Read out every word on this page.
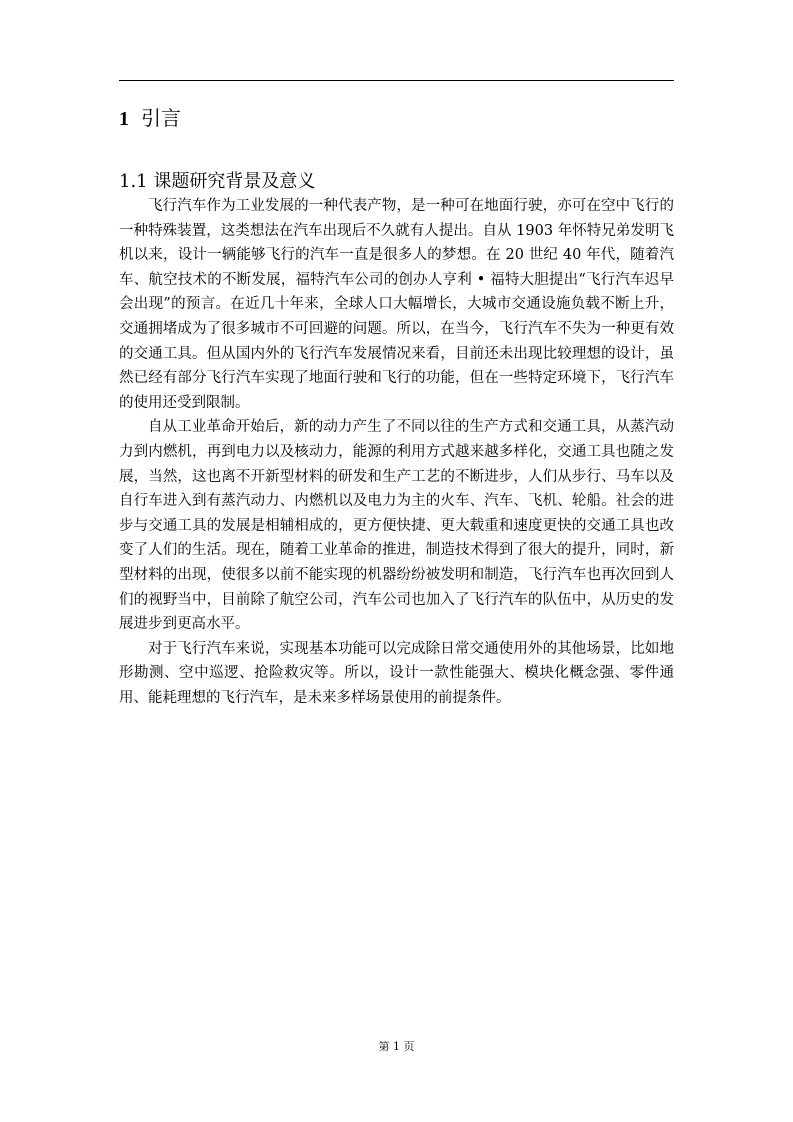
1 引言
1.1 课题研究背景及意义

飞行汽车作为工业发展的一种代表产物，是一种可在地面行驶，亦可在空中飞行的一种特殊装置，这类想法在汽车出现后不久就有人提出。自从 1903 年怀特兄弟发明飞机以来，设计一辆能够飞行的汽车一直是很多人的梦想。在 20 世纪 40 年代，随着汽车、航空技术的不断发展，福特汽车公司的创办人亨利 • 福特大胆提出“飞行汽车迟早会出现”的预言。在近几十年来，全球人口大幅增长，大城市交通设施负载不断上升，交通拥堵成为了很多城市不可回避的问题。所以，在当今，飞行汽车不失为一种更有效的交通工具。但从国内外的飞行汽车发展情况来看，目前还未出现比较理想的设计，虽然已经有部分飞行汽车实现了地面行驶和飞行的功能，但在一些特定环境下，飞行汽车的使用还受到限制。

自从工业革命开始后，新的动力产生了不同以往的生产方式和交通工具，从蒸汽动力到内燃机，再到电力以及核动力，能源的利用方式越来越多样化，交通工具也随之发展，当然，这也离不开新型材料的研发和生产工艺的不断进步，人们从步行、马车以及自行车进入到有蒸汽动力、内燃机以及电力为主的火车、汽车、飞机、轮船。社会的进步与交通工具的发展是相辅相成的，更方便快捷、更大载重和速度更快的交通工具也改变了人们的生活。现在，随着工业革命的推进，制造技术得到了很大的提升，同时，新型材料的出现，使很多以前不能实现的机器纷纷被发明和制造，飞行汽车也再次回到人们的视野当中，目前除了航空公司，汽车公司也加入了飞行汽车的队伍中，从历史的发展进步到更高水平。

对于飞行汽车来说，实现基本功能可以完成除日常交通使用外的其他场景，比如地形勘测、空中巡逻、抢险救灾等。所以，设计一款性能强大、模块化概念强、零件通用、能耗理想的飞行汽车，是未来多样场景使用的前提条件。

第 1 页
